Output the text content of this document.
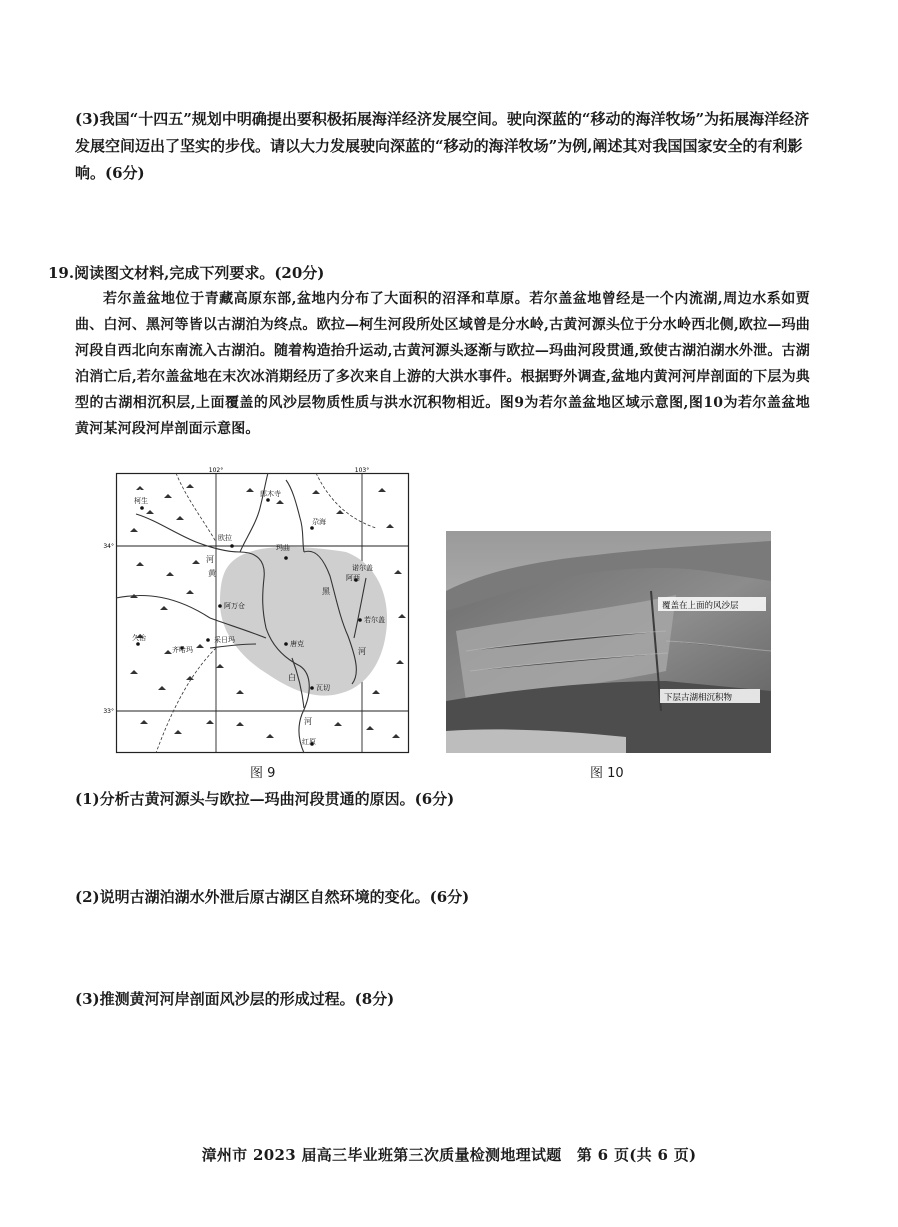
(3)我国“十四五”规划中明确提出要积极拓展海洋经济发展空间。驶向深蓝的“移动的海洋牧场”为拓展海洋经济发展空间迈出了坚实的步伐。请以大力发展驶向深蓝的“移动的海洋牧场”为例,阐述其对我国国家安全的有利影响。(6分)
19.阅读图文材料,完成下列要求。(20分)
若尔盖盆地位于青藏高原东部,盆地内分布了大面积的沼泽和草原。若尔盖盆地曾经是一个内流湖,周边水系如贾曲、白河、黑河等皆以古湖泊为终点。欧拉—柯生河段所处区域曾是分水岭,古黄河源头位于分水岭西北侧,欧拉—玛曲河段自西北向东南流入古湖泊。随着构造抬升运动,古黄河源头逐渐与欧拉—玛曲河段贯通,致使古湖泊湖水外泄。古湖泊消亡后,若尔盖盆地在末次冰消期经历了多次来自上游的大洪水事件。根据野外调查,盆地内黄河河岸剖面的下层为典型的古湖相沉积层,上面覆盖的风沙层物质性质与洪水沉积物相近。图9为若尔盖盆地区域示意图,图10为若尔盖盆地黄河某河段河岸剖面示意图。
102°	103°
34°
33°
柯生
欧拉
玛曲
阿万仓
唐克
红原
若尔盖
阿西
采日玛
齐哈玛
久治
瓦切
尕海
郎木寺
诺尔盖
河
黄
白
黑
河
河
图 9
覆盖在上面的风沙层
下层古湖相沉积物
图 10
(1)分析古黄河源头与欧拉—玛曲河段贯通的原因。(6分)
(2)说明古湖泊湖水外泄后原古湖区自然环境的变化。(6分)
(3)推测黄河河岸剖面风沙层的形成过程。(8分)
漳州市 2023 届高三毕业班第三次质量检测地理试题　第 6 页(共 6 页)
